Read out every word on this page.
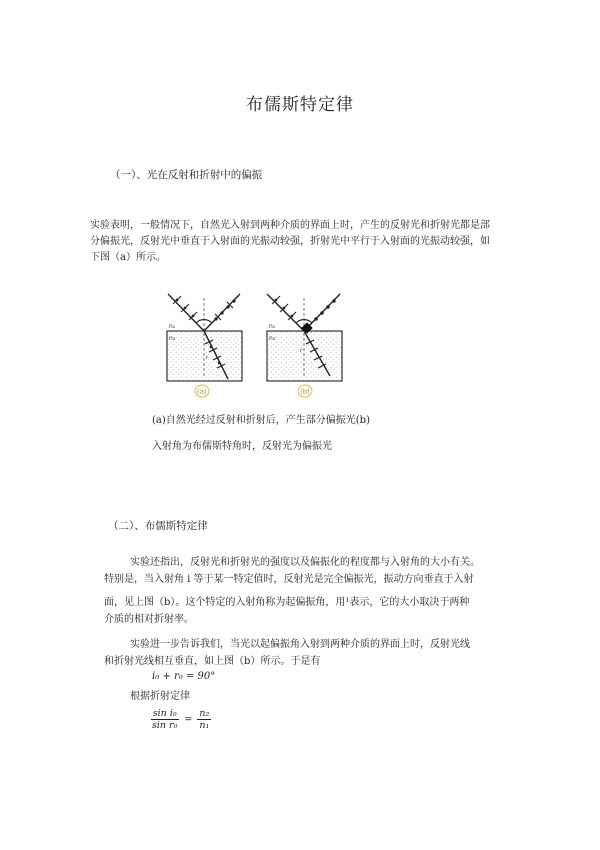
布儒斯特定律
（一）、光在反射和折射中的偏振
实验表明，一般情况下，自然光入射到两种介质的界面上时，产生的反射光和折射光都是部
分偏振光，反射光中垂直于入射面的光振动较强，折射光中平行于入射面的光振动较强，如
下图（a）所示。
n₁
n₂
r
(a)
n₁
n₂
r
(b)
(a)自然光经过反射和折射后，产生部分偏振光(b)
入射角为布儒斯特角时，反射光为偏振光
（二）、布儒斯特定律
实验还指出，反射光和折射光的强度以及偏振化的程度都与入射角的大小有关。
特别是，当入射角 i 等于某一特定值时，反射光是完全偏振光，振动方向垂直于入射
面，见上图（b）。这个特定的入射角称为起偏振角，用¹表示，它的大小取决于两种
介质的相对折射率。
实验进一步告诉我们，当光以起偏振角入射到两种介质的界面上时，反射光线
和折射光线相互垂直，如上图（b）所示。于是有
i₀ + r₀ = 90°
根据折射定律
$\frac{\text{sin i₀}}{\text{sin r₀}} = \frac{\text{n₂}}{\text{n₁}}$
